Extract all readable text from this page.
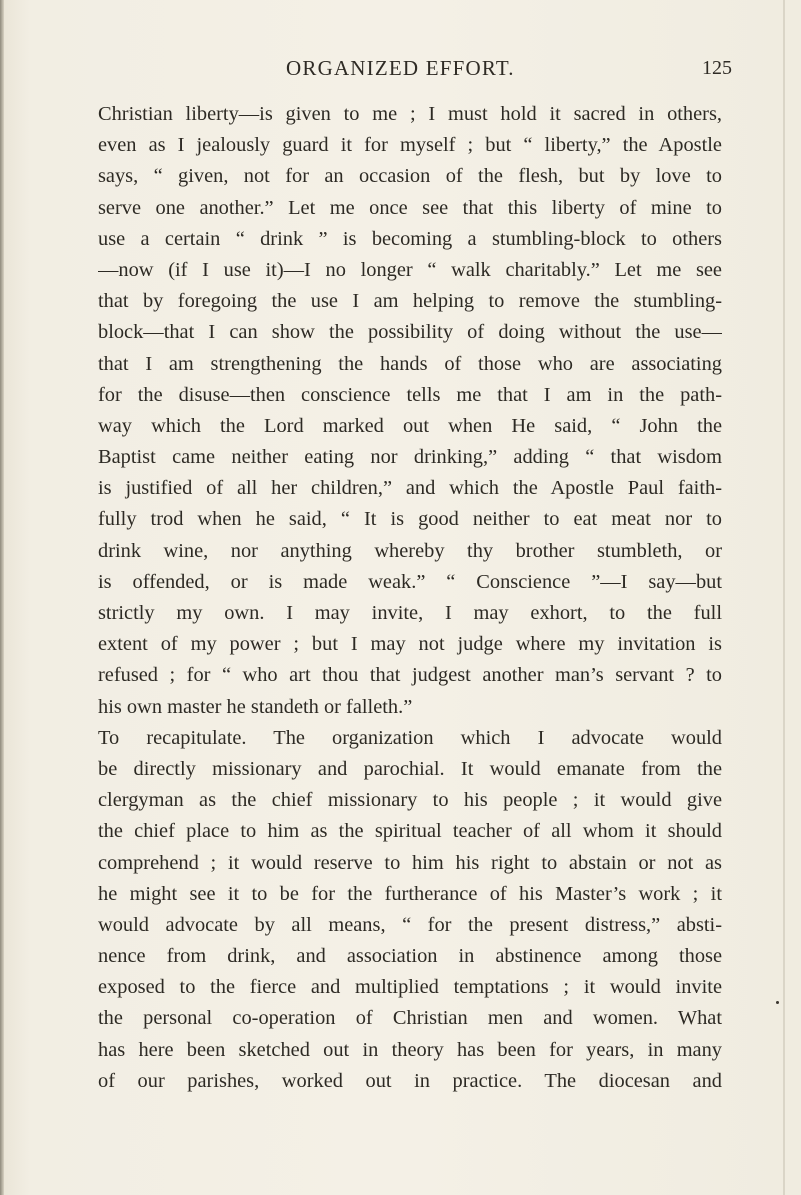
ORGANIZED EFFORT.	125
Christian liberty—is given to me ; I must hold it sacred in others,
even as I jealously guard it for myself ; but “ liberty,” the Apostle
says, “ given, not for an occasion of the flesh, but by love to
serve one another.” Let me once see that this liberty of mine to
use a certain “ drink ” is becoming a stumbling-block to others
—now (if I use it)—I no longer “ walk charitably.” Let me see
that by foregoing the use I am helping to remove the stumbling-
block—that I can show the possibility of doing without the use—
that I am strengthening the hands of those who are associating
for the disuse—then conscience tells me that I am in the path-
way which the Lord marked out when He said, “ John the
Baptist came neither eating nor drinking,” adding “ that wisdom
is justified of all her children,” and which the Apostle Paul faith-
fully trod when he said, “ It is good neither to eat meat nor to
drink wine, nor anything whereby thy brother stumbleth, or
is offended, or is made weak.” “ Conscience ”—I say—but
strictly my own. I may invite, I may exhort, to the full
extent of my power ; but I may not judge where my invitation is
refused ; for “ who art thou that judgest another man’s servant ? to
his own master he standeth or falleth.”
To recapitulate. The organization which I advocate would
be directly missionary and parochial. It would emanate from the
clergyman as the chief missionary to his people ; it would give
the chief place to him as the spiritual teacher of all whom it should
comprehend ; it would reserve to him his right to abstain or not as
he might see it to be for the furtherance of his Master’s work ; it
would advocate by all means, “ for the present distress,” absti-
nence from drink, and association in abstinence among those
exposed to the fierce and multiplied temptations ; it would invite
the personal co-operation of Christian men and women. What
has here been sketched out in theory has been for years, in many
of our parishes, worked out in practice. The diocesan and
